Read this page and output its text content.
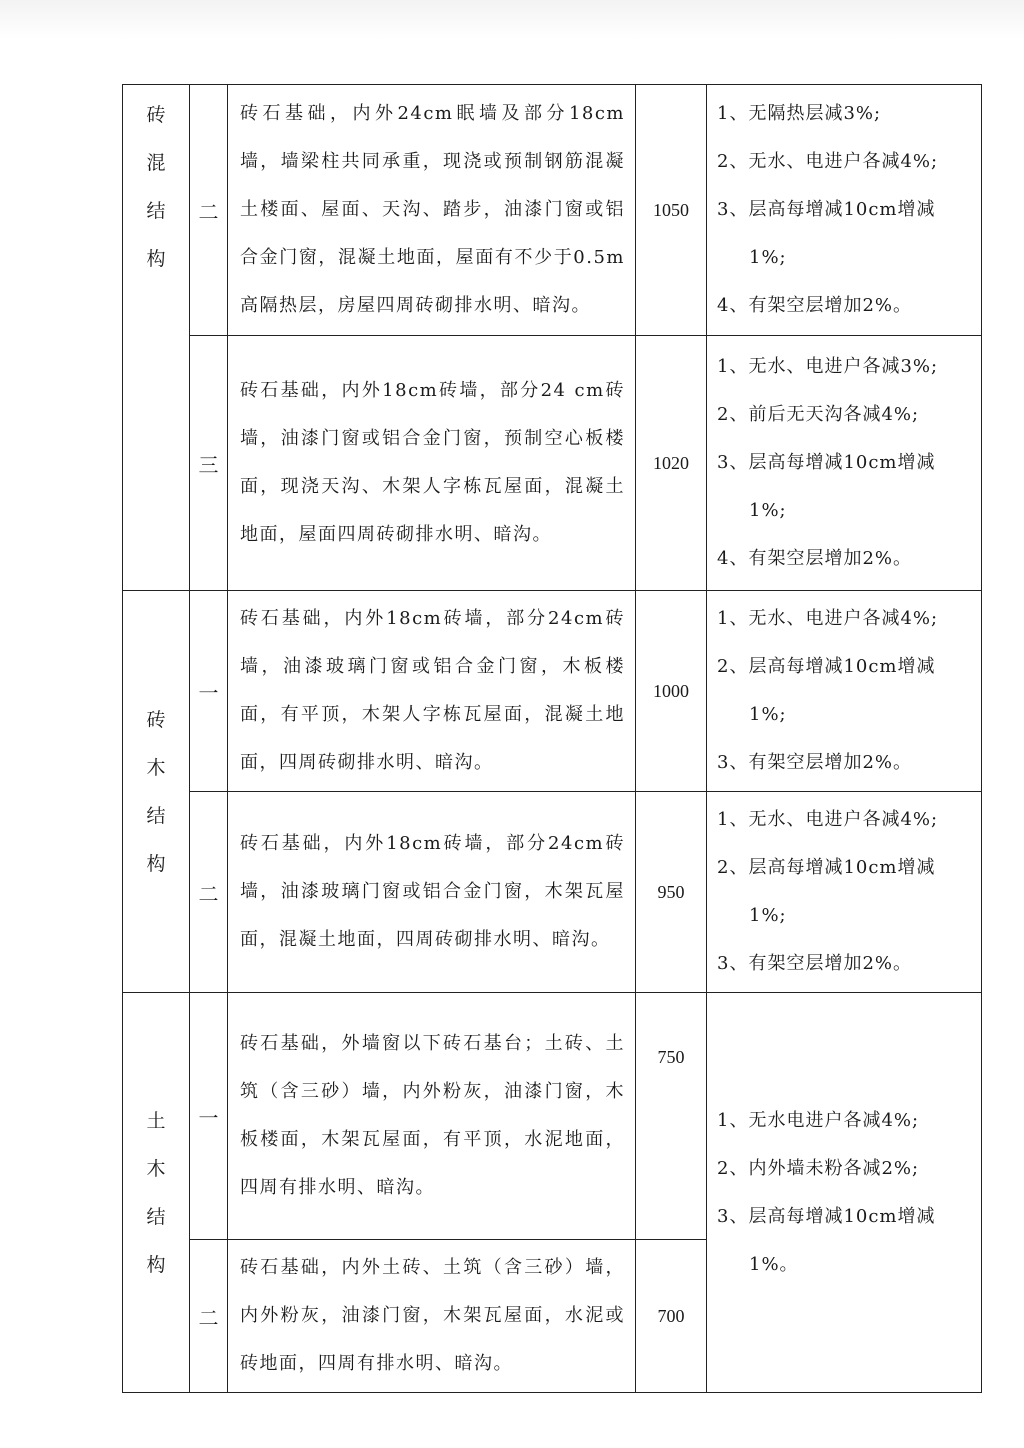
砖混结构	二	砖石基础，内外24cm眠墙及部分18cm墙，墙梁柱共同承重，现浇或预制钢筋混凝土楼面、屋面、天沟、踏步，油漆门窗或铝合金门窗，混凝土地面，屋面有不少于0.5m高隔热层，房屋四周砖砌排水明、暗沟。	1050	1、无隔热层减3%;
2、无水、电进户各减4%;
3、层高每增减10cm增减
1%;
4、有架空层增加2%。

	三	砖石基础，内外18cm砖墙，部分24 cm砖墙，油漆门窗或铝合金门窗，预制空心板楼面，现浇天沟、木架人字栋瓦屋面，混凝土地面，屋面四周砖砌排水明、暗沟。	1020	1、无水、电进户各减3%;
2、前后无天沟各减4%;
3、层高每增减10cm增减
1%;
4、有架空层增加2%。

砖木结构	一	砖石基础，内外18cm砖墙，部分24cm砖墙，油漆玻璃门窗或铝合金门窗，木板楼面，有平顶，木架人字栋瓦屋面，混凝土地面，四周砖砌排水明、暗沟。	1000	1、无水、电进户各减4%;
2、层高每增减10cm增减
1%;
3、有架空层增加2%。

	二	砖石基础，内外18cm砖墙，部分24cm砖墙，油漆玻璃门窗或铝合金门窗，木架瓦屋面，混凝土地面，四周砖砌排水明、暗沟。	950	1、无水、电进户各减4%;
2、层高每增减10cm增减
1%;
3、有架空层增加2%。

土木结构	一	砖石基础，外墙窗以下砖石基台；土砖、土筑（含三砂）墙，内外粉灰，油漆门窗，木板楼面，木架瓦屋面，有平顶，水泥地面，四周有排水明、暗沟。	750	1、无水电进户各减4%;
2、内外墙未粉各减2%;
3、层高每增减10cm增减
1%。

	二	砖石基础，内外土砖、土筑（含三砂）墙，内外粉灰，油漆门窗，木架瓦屋面，水泥或砖地面，四周有排水明、暗沟。	700	
